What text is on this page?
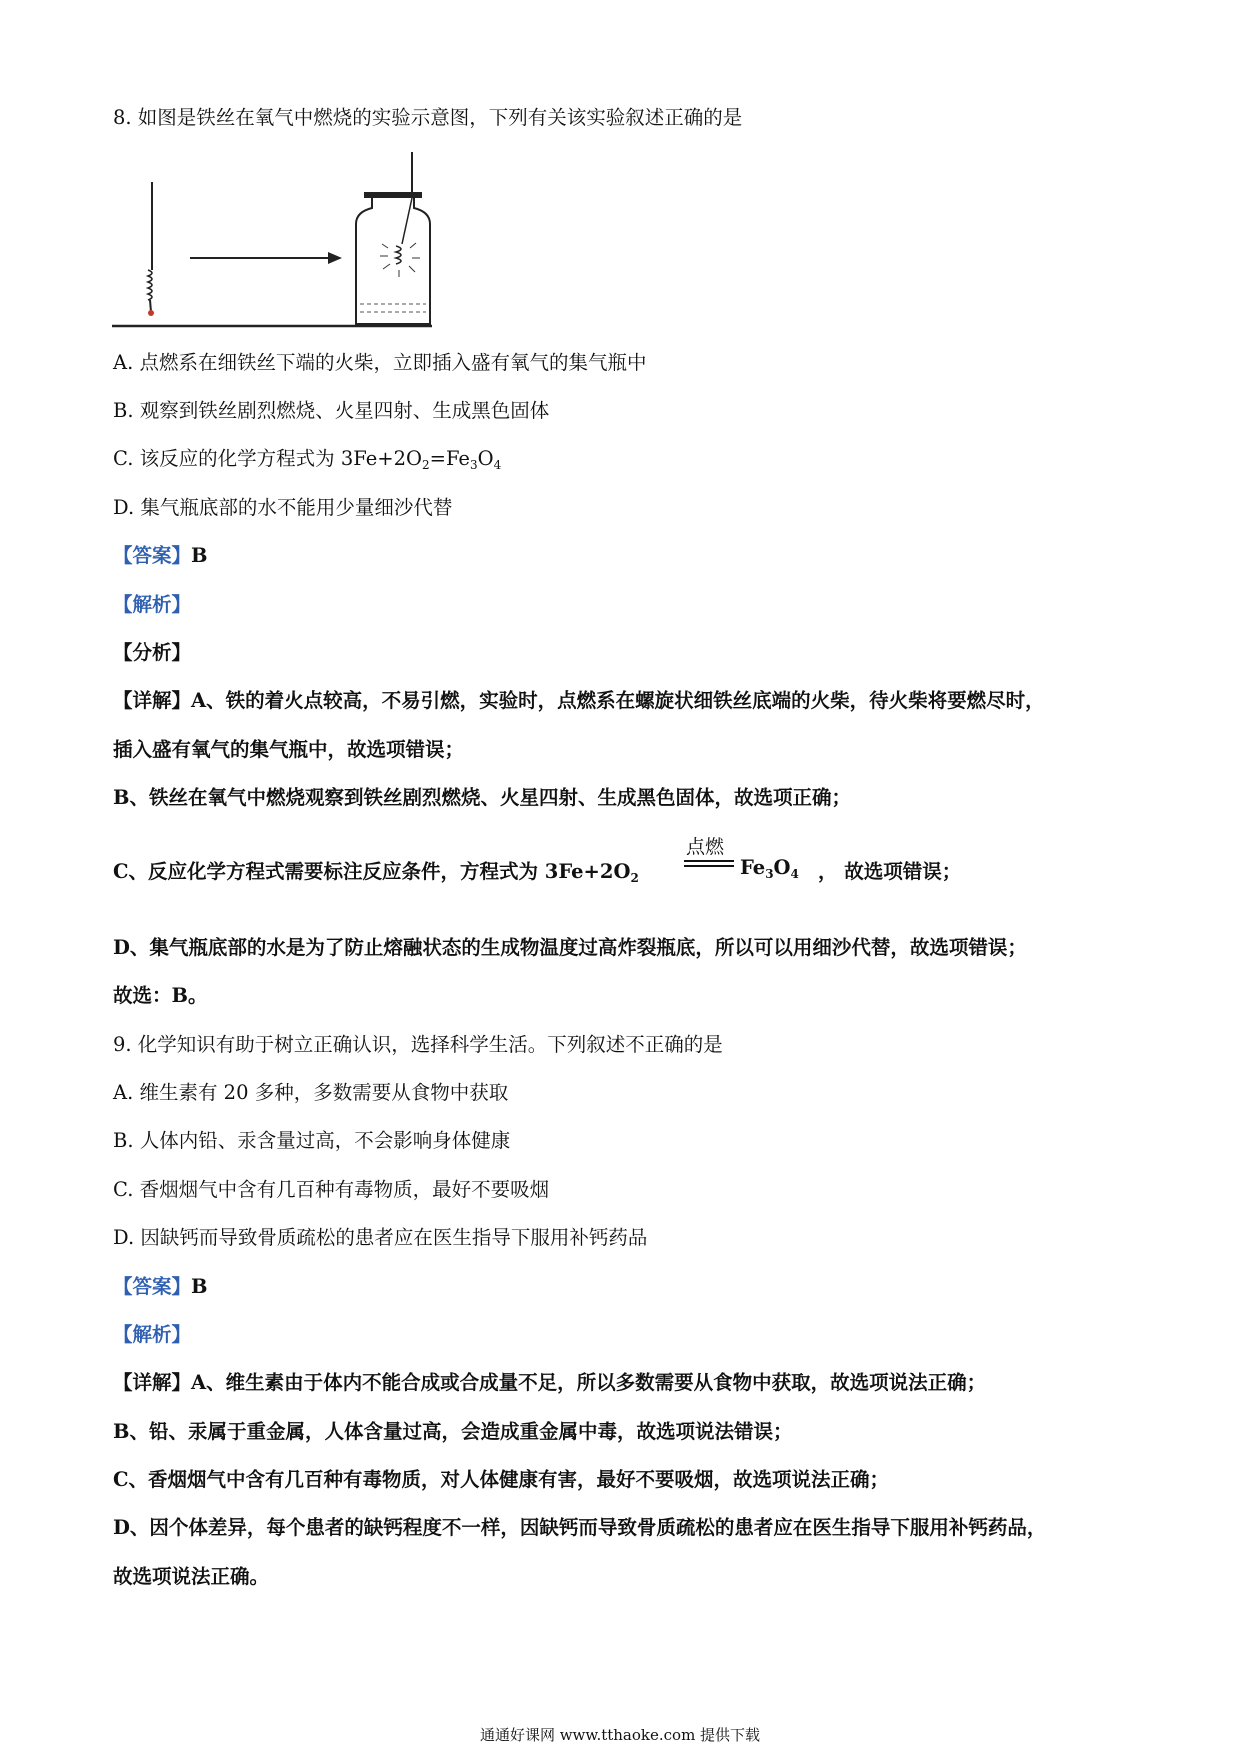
8. 如图是铁丝在氧气中燃烧的实验示意图，下列有关该实验叙述正确的是
A. 点燃系在细铁丝下端的火柴，立即插入盛有氧气的集气瓶中
B. 观察到铁丝剧烈燃烧、火星四射、生成黑色固体
C. 该反应的化学方程式为 $3Fe+2O_2=Fe_3O_4$
D. 集气瓶底部的水不能用少量细沙代替
【答案】B
【解析】
【分析】
【详解】A、铁的着火点较高，不易引燃，实验时，点燃系在螺旋状细铁丝底端的火柴，待火柴将要燃尽时，
插入盛有氧气的集气瓶中，故选项错误；
B、铁丝在氧气中燃烧观察到铁丝剧烈燃烧、火星四射、生成黑色固体，故选项正确；
C、反应化学方程式需要标注反应条件，方程式为 $3Fe+2O_2$
点燃
$Fe_3O_4$ ， 故选项错误；
D、集气瓶底部的水是为了防止熔融状态的生成物温度过高炸裂瓶底，所以可以用细沙代替，故选项错误；
故选：B。
9. 化学知识有助于树立正确认识，选择科学生活。下列叙述不正确的是
A. 维生素有 20 多种，多数需要从食物中获取
B. 人体内铅、汞含量过高，不会影响身体健康
C. 香烟烟气中含有几百种有毒物质，最好不要吸烟
D. 因缺钙而导致骨质疏松的患者应在医生指导下服用补钙药品
【答案】B
【解析】
【详解】A、维生素由于体内不能合成或合成量不足，所以多数需要从食物中获取，故选项说法正确；
B、铅、汞属于重金属，人体含量过高，会造成重金属中毒，故选项说法错误；
C、香烟烟气中含有几百种有毒物质，对人体健康有害，最好不要吸烟，故选项说法正确；
D、因个体差异，每个患者的缺钙程度不一样，因缺钙而导致骨质疏松的患者应在医生指导下服用补钙药品，
故选项说法正确。
通通好课网 www.tthaoke.com 提供下载
